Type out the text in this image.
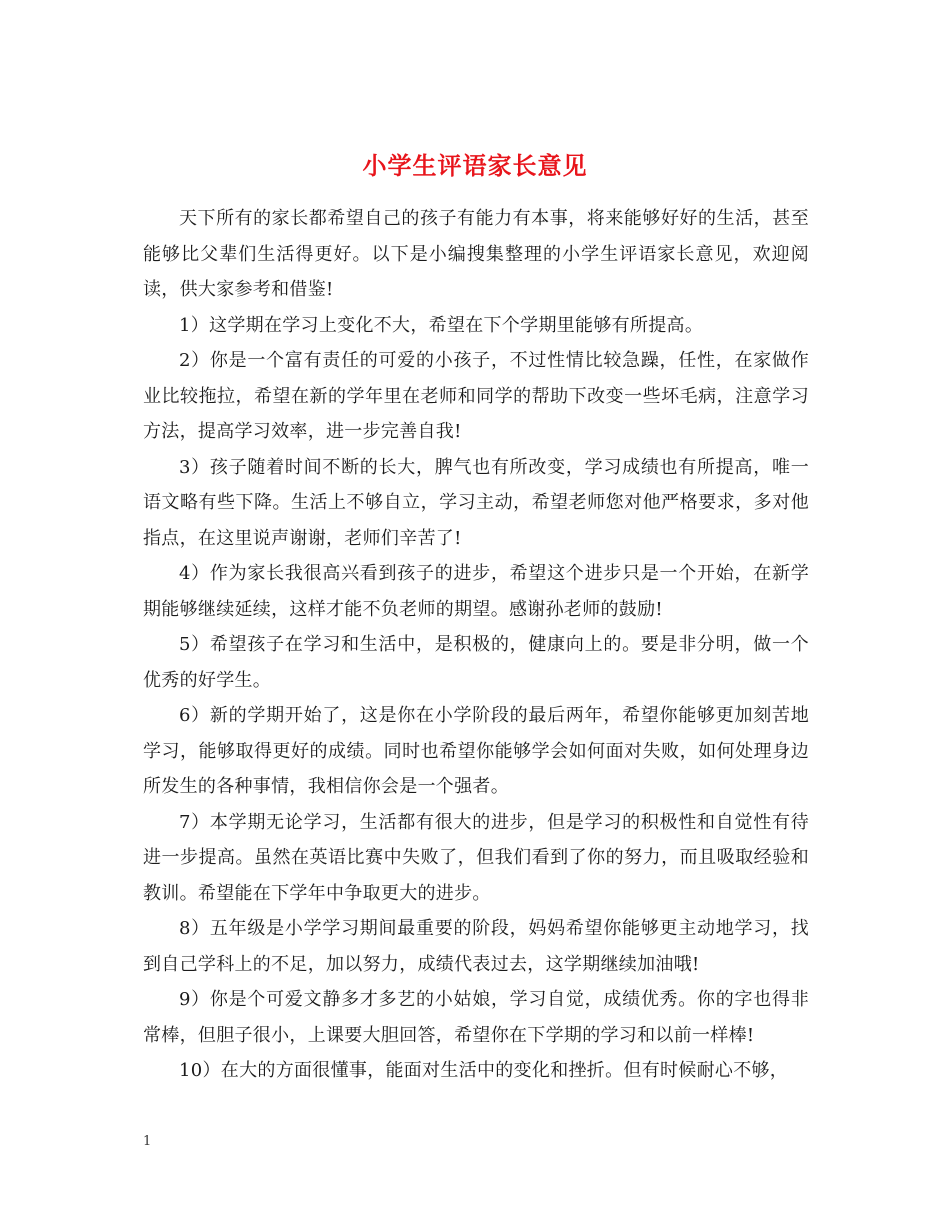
小学生评语家长意见

天下所有的家长都希望自己的孩子有能力有本事，将来能够好好的生活，甚至能够比父辈们生活得更好。以下是小编搜集整理的小学生评语家长意见，欢迎阅读，供大家参考和借鉴!

1）这学期在学习上变化不大，希望在下个学期里能够有所提高。

2）你是一个富有责任的可爱的小孩子，不过性情比较急躁，任性，在家做作业比较拖拉，希望在新的学年里在老师和同学的帮助下改变一些坏毛病，注意学习方法，提高学习效率，进一步完善自我!

3）孩子随着时间不断的长大，脾气也有所改变，学习成绩也有所提高，唯一语文略有些下降。生活上不够自立，学习主动，希望老师您对他严格要求，多对他指点，在这里说声谢谢，老师们辛苦了!

4）作为家长我很高兴看到孩子的进步，希望这个进步只是一个开始，在新学期能够继续延续，这样才能不负老师的期望。感谢孙老师的鼓励!

5）希望孩子在学习和生活中，是积极的，健康向上的。要是非分明，做一个优秀的好学生。

6）新的学期开始了，这是你在小学阶段的最后两年，希望你能够更加刻苦地学习，能够取得更好的成绩。同时也希望你能够学会如何面对失败，如何处理身边所发生的各种事情，我相信你会是一个强者。

7）本学期无论学习，生活都有很大的进步，但是学习的积极性和自觉性有待进一步提高。虽然在英语比赛中失败了，但我们看到了你的努力，而且吸取经验和教训。希望能在下学年中争取更大的进步。

8）五年级是小学学习期间最重要的阶段，妈妈希望你能够更主动地学习，找到自己学科上的不足，加以努力，成绩代表过去，这学期继续加油哦!

9）你是个可爱文静多才多艺的小姑娘，学习自觉，成绩优秀。你的字也得非常棒，但胆子很小，上课要大胆回答，希望你在下学期的学习和以前一样棒!

10）在大的方面很懂事，能面对生活中的变化和挫折。但有时候耐心不够，

1
